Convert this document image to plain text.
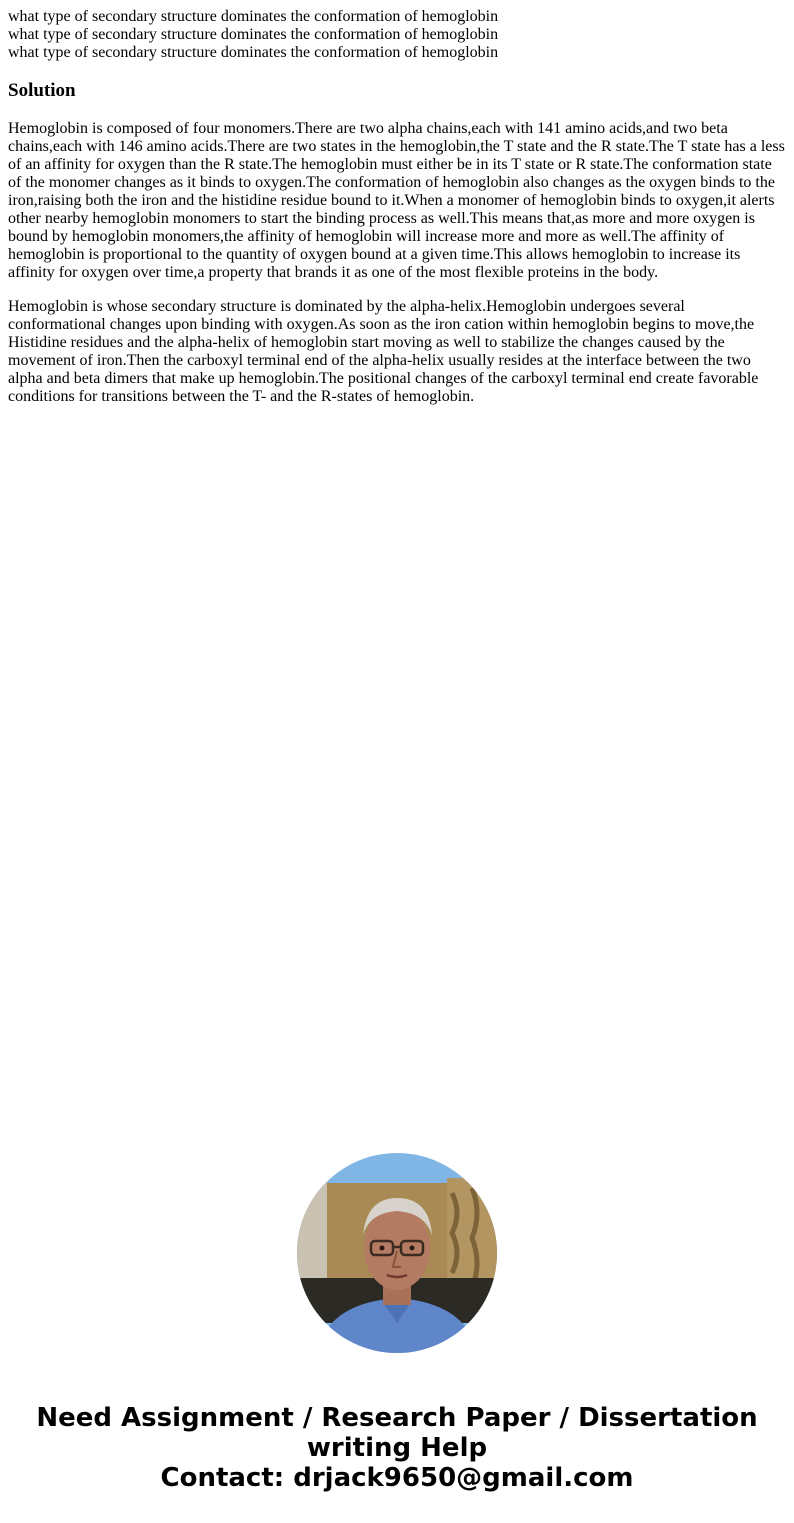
what type of secondary structure dominates the conformation of hemoglobin
what type of secondary structure dominates the conformation of hemoglobin
what type of secondary structure dominates the conformation of hemoglobin
Solution

Hemoglobin is composed of four monomers.There are two alpha chains,each with 141 amino acids,and two beta chains,each with 146 amino acids.There are two states in the hemoglobin,the T state and the R state.The T state has a less of an affinity for oxygen than the R state.The hemoglobin must either be in its T state or R state.The conformation state of the monomer changes as it binds to oxygen.The conformation of hemoglobin also changes as the oxygen binds to the iron,raising both the iron and the histidine residue bound to it.When a monomer of hemoglobin binds to oxygen,it alerts other nearby hemoglobin monomers to start the binding process as well.This means that,as more and more oxygen is bound by hemoglobin monomers,the affinity of hemoglobin will increase more and more as well.The affinity of hemoglobin is proportional to the quantity of oxygen bound at a given time.This allows hemoglobin to increase its affinity for oxygen over time,a property that brands it as one of the most flexible proteins in the body.

Hemoglobin is whose secondary structure is dominated by the alpha-helix.Hemoglobin undergoes several conformational changes upon binding with oxygen.As soon as the iron cation within hemoglobin begins to move,the Histidine residues and the alpha-helix of hemoglobin start moving as well to stabilize the changes caused by the movement of iron.Then the carboxyl terminal end of the alpha-helix usually resides at the interface between the two alpha and beta dimers that make up hemoglobin.The positional changes of the carboxyl terminal end create favorable conditions for transitions between the T- and the R-states of hemoglobin.

Need Assignment / Research Paper / Dissertation
writing Help
Contact: drjack9650@gmail.com
